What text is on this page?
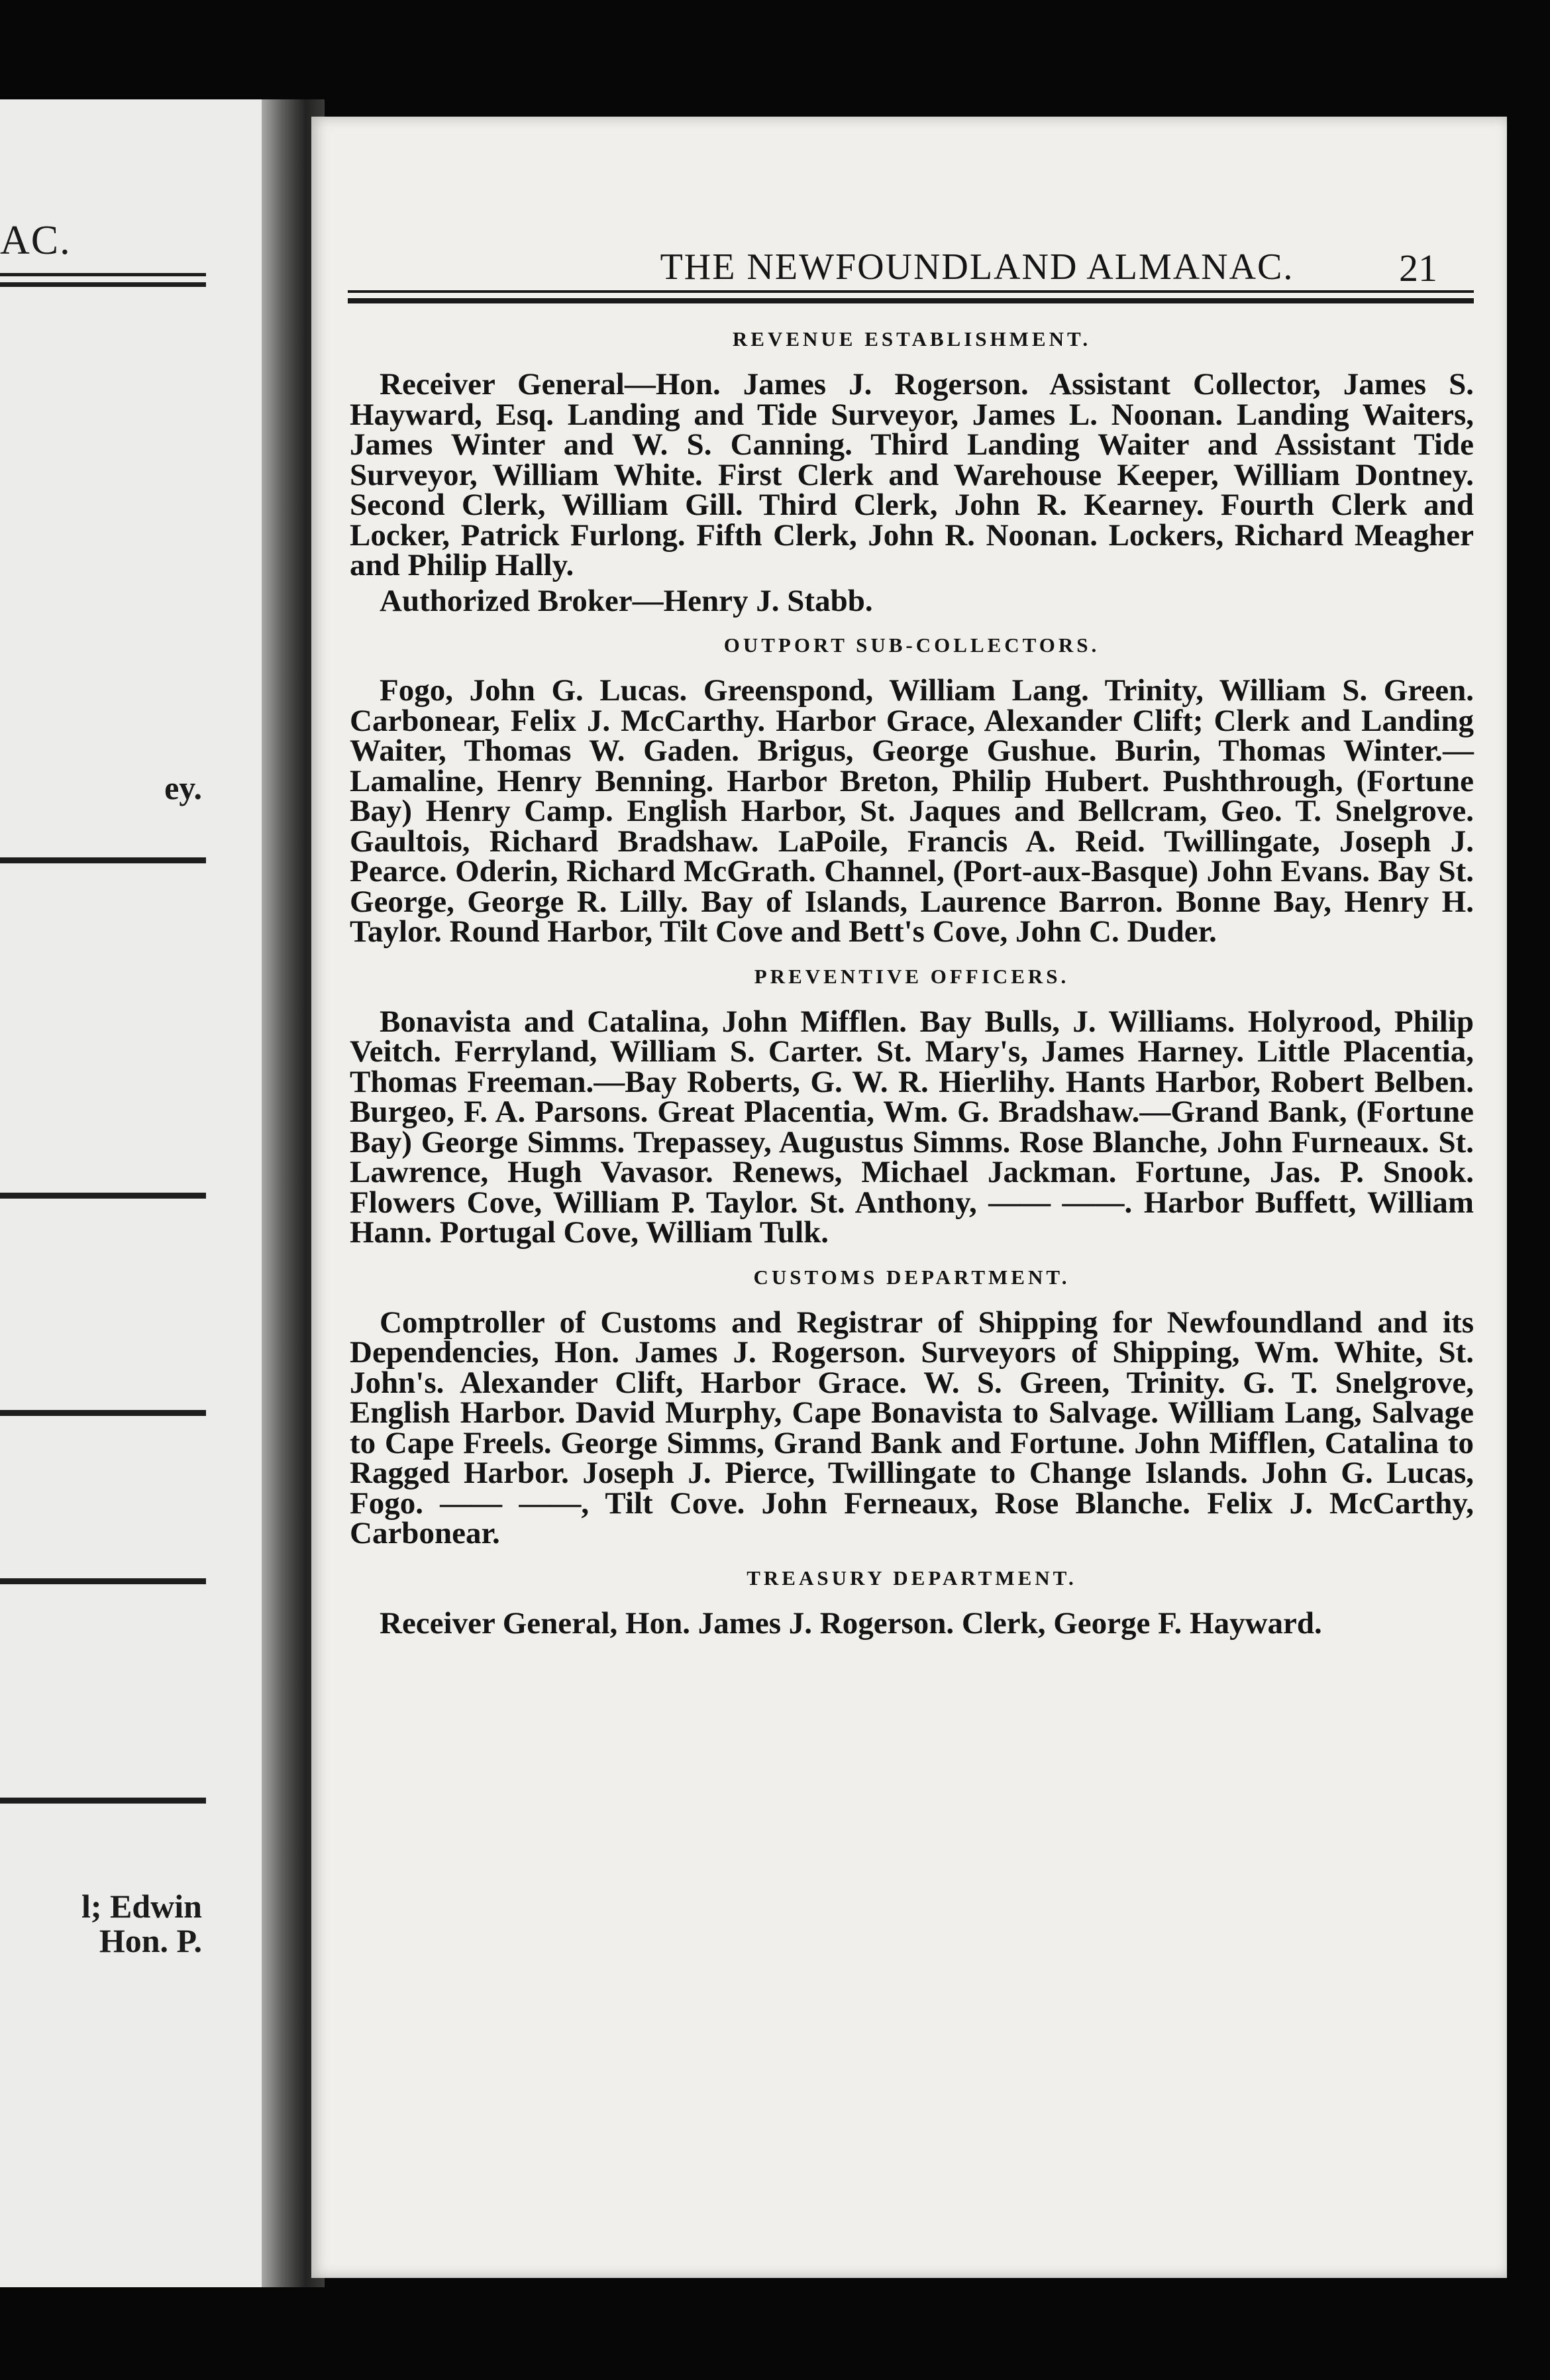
AC.
ey.
l; Edwin
Hon. P.
THE NEWFOUNDLAND ALMANAC.	21
REVENUE ESTABLISHMENT.

Receiver General—Hon. James J. Rogerson. Assistant Collector, James S. Hayward, Esq. Landing and Tide Surveyor, James L. Noonan. Landing Waiters, James Winter and W. S. Canning. Third Landing Waiter and Assistant Tide Surveyor, William White. First Clerk and Warehouse Keeper, William Dontney. Second Clerk, William Gill. Third Clerk, John R. Kearney. Fourth Clerk and Locker, Patrick Furlong. Fifth Clerk, John R. Noonan. Lockers, Richard Meagher and Philip Hally.

Authorized Broker—Henry J. Stabb.

OUTPORT SUB-COLLECTORS.

Fogo, John G. Lucas. Greenspond, William Lang. Trinity, William S. Green. Carbonear, Felix J. McCarthy. Harbor Grace, Alexander Clift; Clerk and Landing Waiter, Thomas W. Gaden. Brigus, George Gushue. Burin, Thomas Winter.—Lamaline, Henry Benning. Harbor Breton, Philip Hubert. Pushthrough, (Fortune Bay) Henry Camp. English Harbor, St. Jaques and Bellcram, Geo. T. Snelgrove. Gaultois, Richard Bradshaw. LaPoile, Francis A. Reid. Twillingate, Joseph J. Pearce. Oderin, Richard McGrath. Channel, (Port-aux-Basque) John Evans. Bay St. George, George R. Lilly. Bay of Islands, Laurence Barron. Bonne Bay, Henry H. Taylor. Round Harbor, Tilt Cove and Bett's Cove, John C. Duder.

PREVENTIVE OFFICERS.

Bonavista and Catalina, John Mifflen. Bay Bulls, J. Williams. Holyrood, Philip Veitch. Ferryland, William S. Carter. St. Mary's, James Harney. Little Placentia, Thomas Freeman.—Bay Roberts, G. W. R. Hierlihy. Hants Harbor, Robert Belben. Burgeo, F. A. Parsons. Great Placentia, Wm. G. Bradshaw.—Grand Bank, (Fortune Bay) George Simms. Trepassey, Augustus Simms. Rose Blanche, John Furneaux. St. Lawrence, Hugh Vavasor. Renews, Michael Jackman. Fortune, Jas. P. Snook. Flowers Cove, William P. Taylor. St. Anthony, —— ——. Harbor Buffett, William Hann. Portugal Cove, William Tulk.

CUSTOMS DEPARTMENT.

Comptroller of Customs and Registrar of Shipping for Newfoundland and its Dependencies, Hon. James J. Rogerson. Surveyors of Shipping, Wm. White, St. John's. Alexander Clift, Harbor Grace. W. S. Green, Trinity. G. T. Snelgrove, English Harbor. David Murphy, Cape Bonavista to Salvage. William Lang, Salvage to Cape Freels. George Simms, Grand Bank and Fortune. John Mifflen, Catalina to Ragged Harbor. Joseph J. Pierce, Twillingate to Change Islands. John G. Lucas, Fogo. —— ——, Tilt Cove. John Ferneaux, Rose Blanche. Felix J. McCarthy, Carbonear.

TREASURY DEPARTMENT.

Receiver General, Hon. James J. Rogerson. Clerk, George F. Hayward.
